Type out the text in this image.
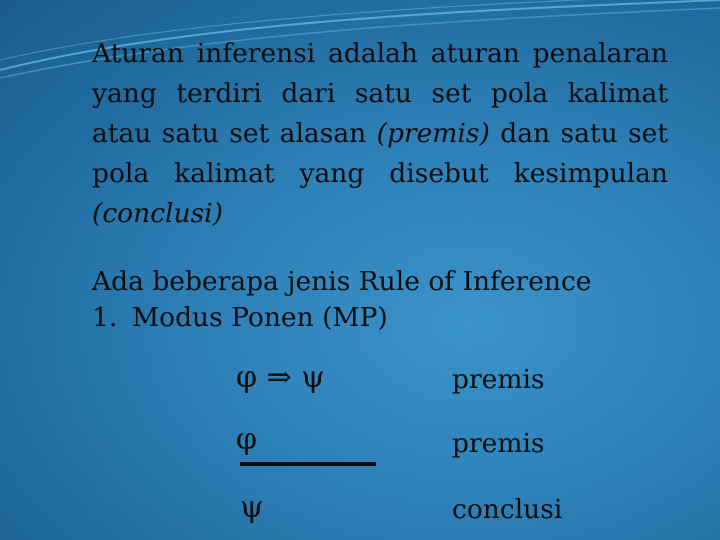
Aturan inferensi adalah aturan penalaran yang terdiri dari satu set pola kalimat atau satu set alasan (premis) dan satu set pola kalimat yang disebut kesimpulan (conclusi)

Ada beberapa jenis Rule of Inference

1. Modus Ponen (MP)

φ ⇒ ψ	premis
φ	premis
ψ	conclusi
